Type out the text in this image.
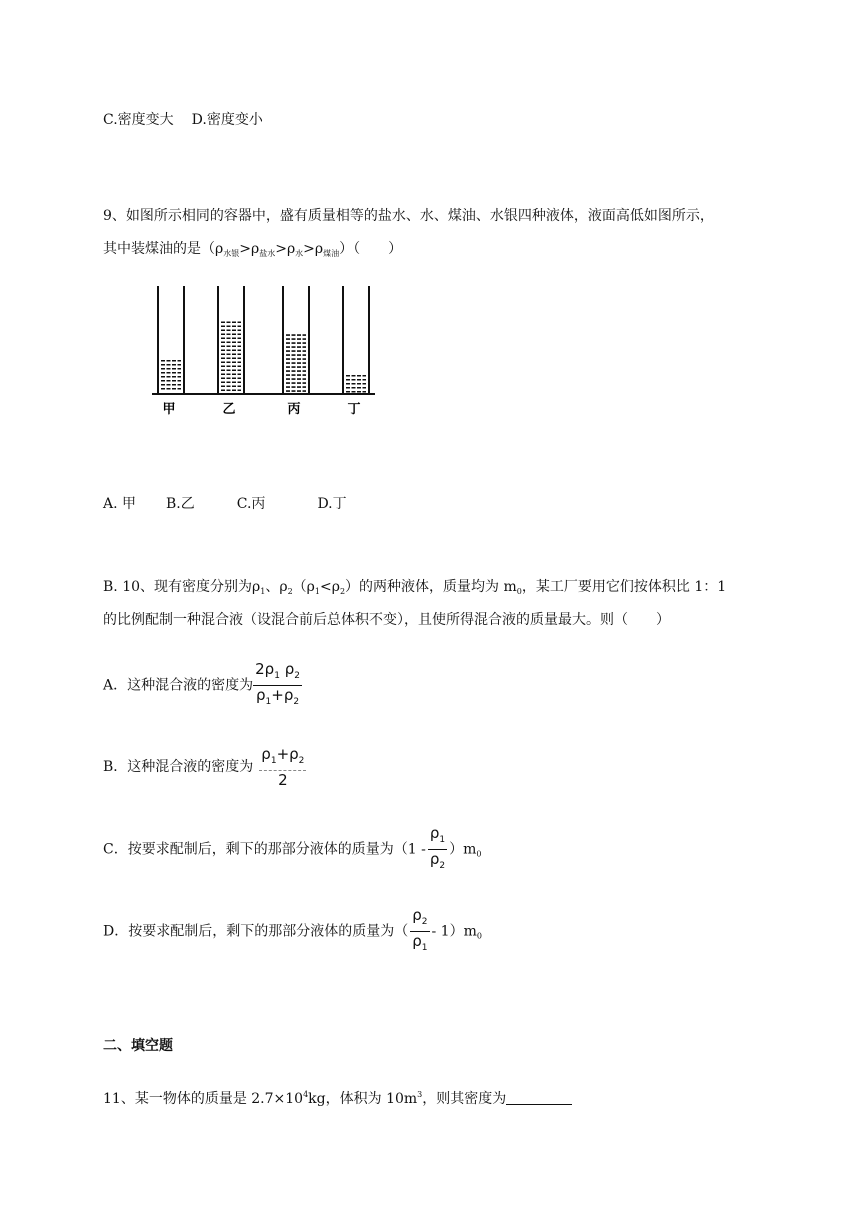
C.密度变大 D.密度变小
9、如图所示相同的容器中，盛有质量相等的盐水、水、煤油、水银四种液体，液面高低如图所示，
其中装煤油的是$(\rho_{水银}>\rho_{盐水}>\rho_水>\rho_{煤油})$（　　）
甲	乙	丙	丁
A. 甲 B.乙	C.丙	D.丁
B. 10、现有密度分别为$\rho_1$、$\rho_2(\rho_1<\rho_2)$的两种液体，质量均为 $m_0$，某工厂要用它们按体积比 1：1
的比例配制一种混合液（设混合前后总体积不变），且使所得混合液的质量最大。则（　　）
A．这种混合液的密度为 $\frac{2\rho_1 \rho_2}{\rho_1+\rho_2}$
B．这种混合液的密度为 $\frac{\rho_1+\rho_2}{2}$
C．按要求配制后，剩下的那部分液体的质量为$(1 - \frac{\rho_1}{\rho_2} )m_0$
D．按要求配制后，剩下的那部分液体的质量为（ $\frac{\rho_2}{\rho_1} - 1)m_0$
二、填空题
11、某一物体的质量是 $2.7\times 10^4kg$，体积为 $10m^3$，则其密度为
